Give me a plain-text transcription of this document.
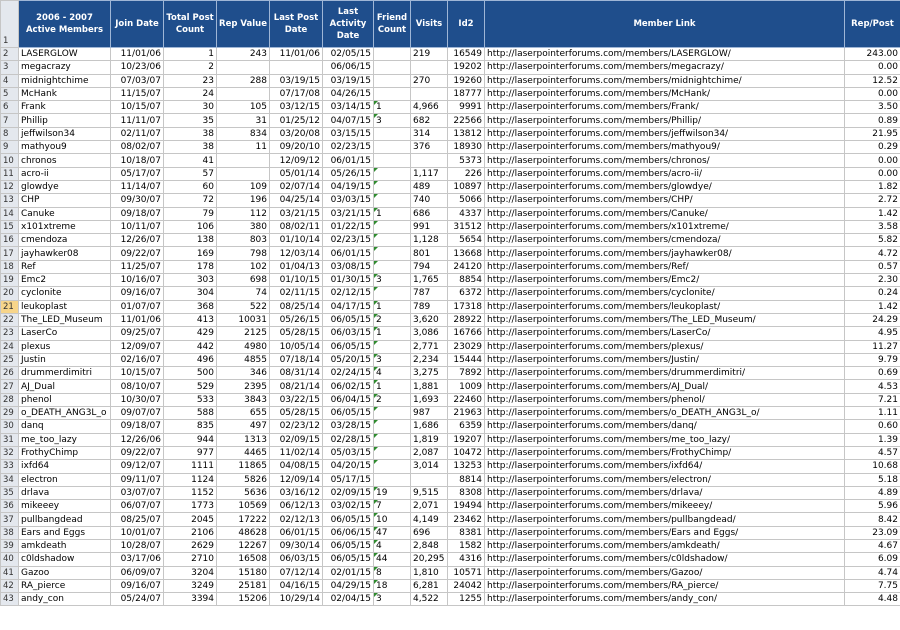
1	2006 - 2007 Active Members	Join Date	Total Post Count	Rep Value	Last Post Date	Last Activity Date	Friend Count	Visits	Id2	Member Link	Rep/Post
2	LASERGLOW	11/01/06	1	243	11/01/06	02/05/15		219	16549	http://laserpointerforums.com/members/LASERGLOW/	243.00
3	megacrazy	10/23/06	2			06/06/15			19202	http://laserpointerforums.com/members/megacrazy/	0.00
4	midnightchime	07/03/07	23	288	03/19/15	03/19/15		270	19260	http://laserpointerforums.com/members/midnightchime/	12.52
5	McHank	11/15/07	24		07/17/08	04/26/15			18777	http://laserpointerforums.com/members/McHank/	0.00
6	Frank	10/15/07	30	105	03/12/15	03/14/15	1	4,966	9991	http://laserpointerforums.com/members/Frank/	3.50
7	Phillip	11/11/07	35	31	01/25/12	04/07/15	3	682	22566	http://laserpointerforums.com/members/Phillip/	0.89
8	jeffwilson34	02/11/07	38	834	03/20/08	03/15/15		314	13812	http://laserpointerforums.com/members/jeffwilson34/	21.95
9	mathyou9	08/02/07	38	11	09/20/10	02/23/15		376	18930	http://laserpointerforums.com/members/mathyou9/	0.29
10	chronos	10/18/07	41		12/09/12	06/01/15			5373	http://laserpointerforums.com/members/chronos/	0.00
11	acro-ii	05/17/07	57		05/01/14	05/26/15		1,117	226	http://laserpointerforums.com/members/acro-ii/	0.00
12	glowdye	11/14/07	60	109	02/07/14	04/19/15		489	10897	http://laserpointerforums.com/members/glowdye/	1.82
13	CHP	09/30/07	72	196	04/25/14	03/03/15		740	5066	http://laserpointerforums.com/members/CHP/	2.72
14	Canuke	09/18/07	79	112	03/21/15	03/21/15	1	686	4337	http://laserpointerforums.com/members/Canuke/	1.42
15	x101xtreme	10/11/07	106	380	08/02/11	01/22/15		991	31512	http://laserpointerforums.com/members/x101xtreme/	3.58
16	cmendoza	12/26/07	138	803	01/10/14	02/23/15		1,128	5654	http://laserpointerforums.com/members/cmendoza/	5.82
17	jayhawker08	09/22/07	169	798	12/03/14	06/01/15		801	13668	http://laserpointerforums.com/members/jayhawker08/	4.72
18	Ref	11/25/07	178	102	01/04/13	03/08/15		794	24120	http://laserpointerforums.com/members/Ref/	0.57
19	Emc2	10/16/07	303	698	01/10/15	01/30/15	3	1,765	8854	http://laserpointerforums.com/members/Emc2/	2.30
20	cyclonite	09/16/07	304	74	02/11/15	02/12/15		787	6372	http://laserpointerforums.com/members/cyclonite/	0.24
21	leukoplast	01/07/07	368	522	08/25/14	04/17/15	1	789	17318	http://laserpointerforums.com/members/leukoplast/	1.42
22	The_LED_Museum	11/01/06	413	10031	05/26/15	06/05/15	2	3,620	28922	http://laserpointerforums.com/members/The_LED_Museum/	24.29
23	LaserCo	09/25/07	429	2125	05/28/15	06/03/15	1	3,086	16766	http://laserpointerforums.com/members/LaserCo/	4.95
24	plexus	12/09/07	442	4980	10/05/14	06/05/15		2,771	23029	http://laserpointerforums.com/members/plexus/	11.27
25	Justin	02/16/07	496	4855	07/18/14	05/20/15	3	2,234	15444	http://laserpointerforums.com/members/Justin/	9.79
26	drummerdimitri	10/15/07	500	346	08/31/14	02/24/15	4	3,275	7892	http://laserpointerforums.com/members/drummerdimitri/	0.69
27	AJ_Dual	08/10/07	529	2395	08/21/14	06/02/15	1	1,881	1009	http://laserpointerforums.com/members/AJ_Dual/	4.53
28	phenol	10/30/07	533	3843	03/22/15	06/04/15	2	1,693	22460	http://laserpointerforums.com/members/phenol/	7.21
29	o_DEATH_ANG3L_o	09/07/07	588	655	05/28/15	06/05/15		987	21963	http://laserpointerforums.com/members/o_DEATH_ANG3L_o/	1.11
30	danq	09/18/07	835	497	02/23/12	03/28/15		1,686	6359	http://laserpointerforums.com/members/danq/	0.60
31	me_too_lazy	12/26/06	944	1313	02/09/15	02/28/15		1,819	19207	http://laserpointerforums.com/members/me_too_lazy/	1.39
32	FrothyChimp	09/22/07	977	4465	11/02/14	05/03/15		2,087	10472	http://laserpointerforums.com/members/FrothyChimp/	4.57
33	ixfd64	09/12/07	1111	11865	04/08/15	04/20/15		3,014	13253	http://laserpointerforums.com/members/ixfd64/	10.68
34	electron	09/11/07	1124	5826	12/09/14	05/17/15			8814	http://laserpointerforums.com/members/electron/	5.18
35	drlava	03/07/07	1152	5636	03/16/12	02/09/15	19	9,515	8308	http://laserpointerforums.com/members/drlava/	4.89
36	mikeeey	06/07/07	1773	10569	06/12/13	03/02/15	7	2,071	19494	http://laserpointerforums.com/members/mikeeey/	5.96
37	pullbangdead	08/25/07	2045	17222	02/12/13	06/05/15	10	4,149	23462	http://laserpointerforums.com/members/pullbangdead/	8.42
38	Ears and Eggs	10/01/07	2106	48628	06/01/15	06/06/15	47	696	8381	http://laserpointerforums.com/members/Ears and Eggs/	23.09
39	amkdeath	10/28/07	2629	12267	09/30/14	06/05/15	4	2,848	1582	http://laserpointerforums.com/members/amkdeath/	4.67
40	c0ldshadow	03/17/06	2710	16508	06/03/15	06/05/15	44	20,295	4316	http://laserpointerforums.com/members/c0ldshadow/	6.09
41	Gazoo	06/09/07	3204	15180	07/12/14	02/01/15	8	1,810	10571	http://laserpointerforums.com/members/Gazoo/	4.74
42	RA_pierce	09/16/07	3249	25181	04/16/15	04/29/15	18	6,281	24042	http://laserpointerforums.com/members/RA_pierce/	7.75
43	andy_con	05/24/07	3394	15206	10/29/14	02/04/15	3	4,522	1255	http://laserpointerforums.com/members/andy_con/	4.48
